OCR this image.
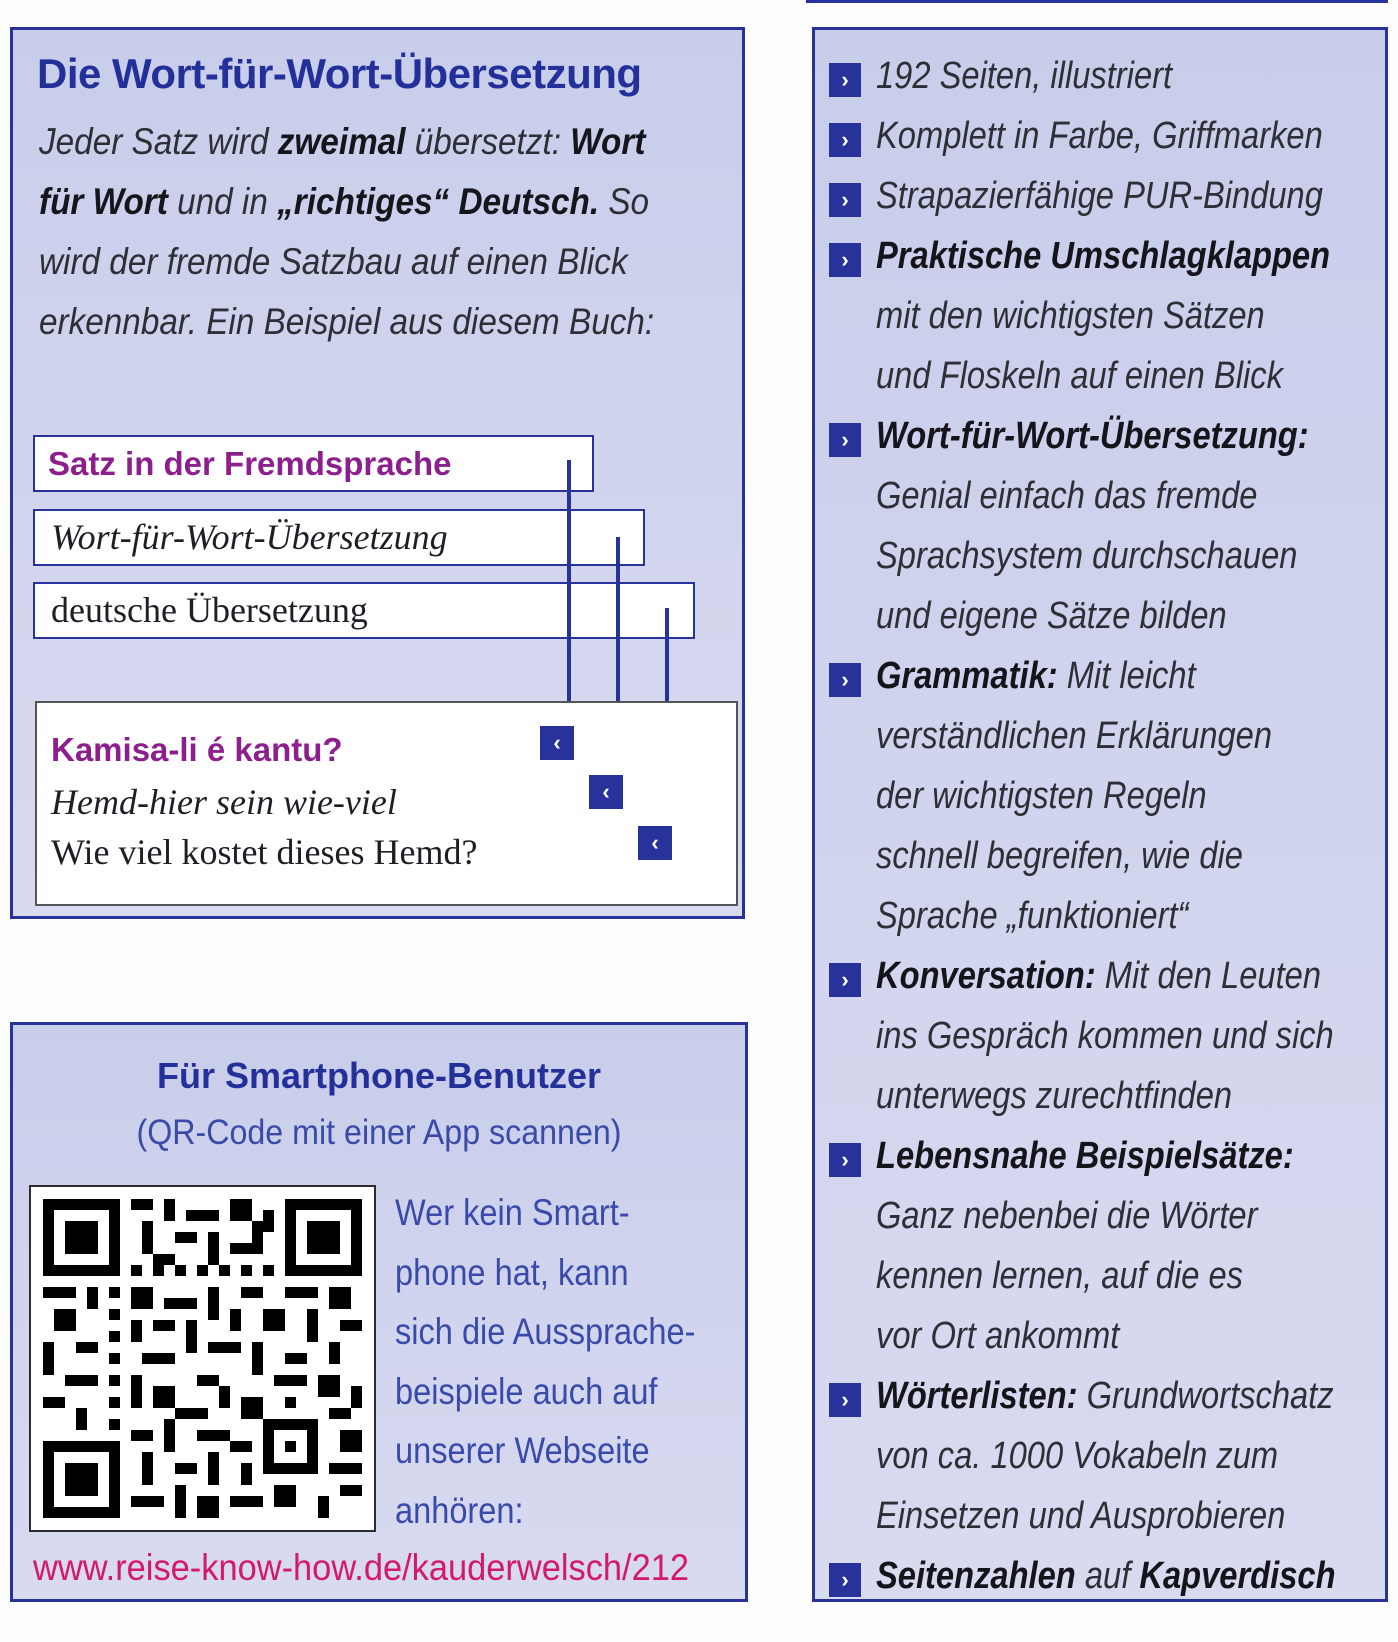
Die Wort-für-Wort-Übersetzung
Jeder Satz wird zweimal übersetzt: Wort
für Wort und in „richtiges“ Deutsch. So
wird der fremde Satzbau auf einen Blick
erkennbar. Ein Beispiel aus diesem Buch:
Satz in der Fremdsprache
Wort-für-Wort-Übersetzung
deutsche Übersetzung
Kamisa-li é kantu?
Hemd-hier sein wie-viel
Wie viel kostet dieses Hemd?
‹
‹
‹
Für Smartphone-Benutzer
(QR-Code mit einer App scannen)
Wer kein Smart-
phone hat, kann
sich die Aussprache-
beispiele auch auf
unserer Webseite
anhören:
www.reise-know-how.de/kauderwelsch/212
› 192 Seiten, illustriert
› Komplett in Farbe, Griffmarken
› Strapazierfähige PUR-Bindung
› Praktische Umschlagklappen
mit den wichtigsten Sätzen
und Floskeln auf einen Blick
› Wort-für-Wort-Übersetzung:
Genial einfach das fremde
Sprachsystem durchschauen
und eigene Sätze bilden
› Grammatik: Mit leicht
verständlichen Erklärungen
der wichtigsten Regeln
schnell begreifen, wie die
Sprache „funktioniert“
› Konversation: Mit den Leuten
ins Gespräch kommen und sich
unterwegs zurechtfinden
› Lebensnahe Beispielsätze:
Ganz nebenbei die Wörter
kennen lernen, auf die es
vor Ort ankommt
› Wörterlisten: Grundwortschatz
von ca. 1000 Vokabeln zum
Einsetzen und Ausprobieren
› Seitenzahlen auf Kapverdisch
